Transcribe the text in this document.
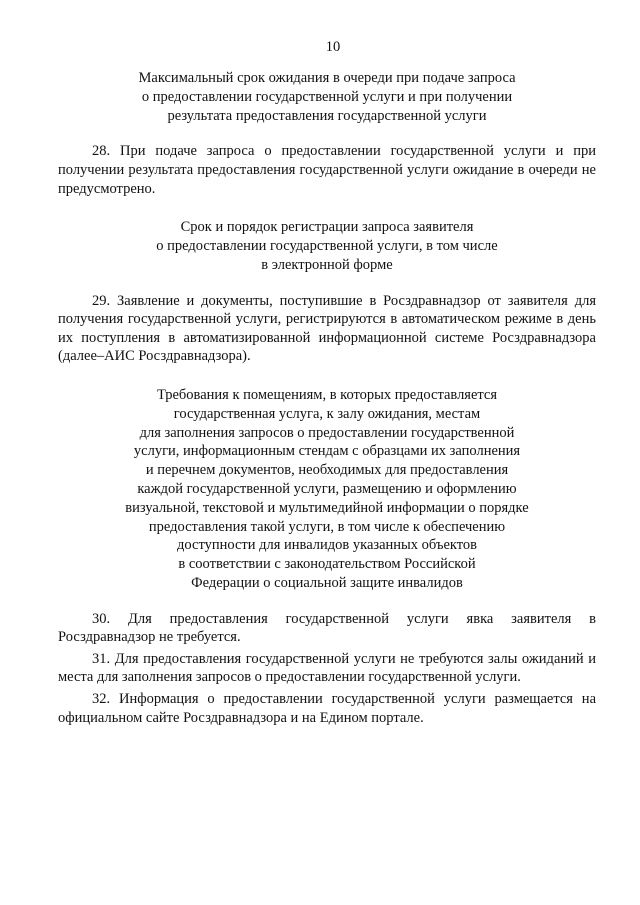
10
Максимальный срок ожидания в очереди при подаче запроса
о предоставлении государственной услуги и при получении
результата предоставления государственной услуги

28. При подаче запроса о предоставлении государственной услуги и при получении результата предоставления государственной услуги ожидание в очереди не предусмотрено.

Срок и порядок регистрации запроса заявителя
о предоставлении государственной услуги, в том числе
в электронной форме

29. Заявление и документы, поступившие в Росздравнадзор от заявителя для получения государственной услуги, регистрируются в автоматическом режиме в день их поступления в автоматизированной информационной системе Росздравнадзора (далее–АИС Росздравнадзора).

Требования к помещениям, в которых предоставляется
государственная услуга, к залу ожидания, местам
для заполнения запросов о предоставлении государственной
услуги, информационным стендам с образцами их заполнения
и перечнем документов, необходимых для предоставления
каждой государственной услуги, размещению и оформлению
визуальной, текстовой и мультимедийной информации о порядке
предоставления такой услуги, в том числе к обеспечению
доступности для инвалидов указанных объектов
в соответствии с законодательством Российской
Федерации о социальной защите инвалидов

30. Для предоставления государственной услуги явка заявителя в Росздравнадзор не требуется.

31. Для предоставления государственной услуги не требуются залы ожиданий и места для заполнения запросов о предоставлении государственной услуги.

32. Информация о предоставлении государственной услуги размещается на официальном сайте Росздравнадзора и на Едином портале.
